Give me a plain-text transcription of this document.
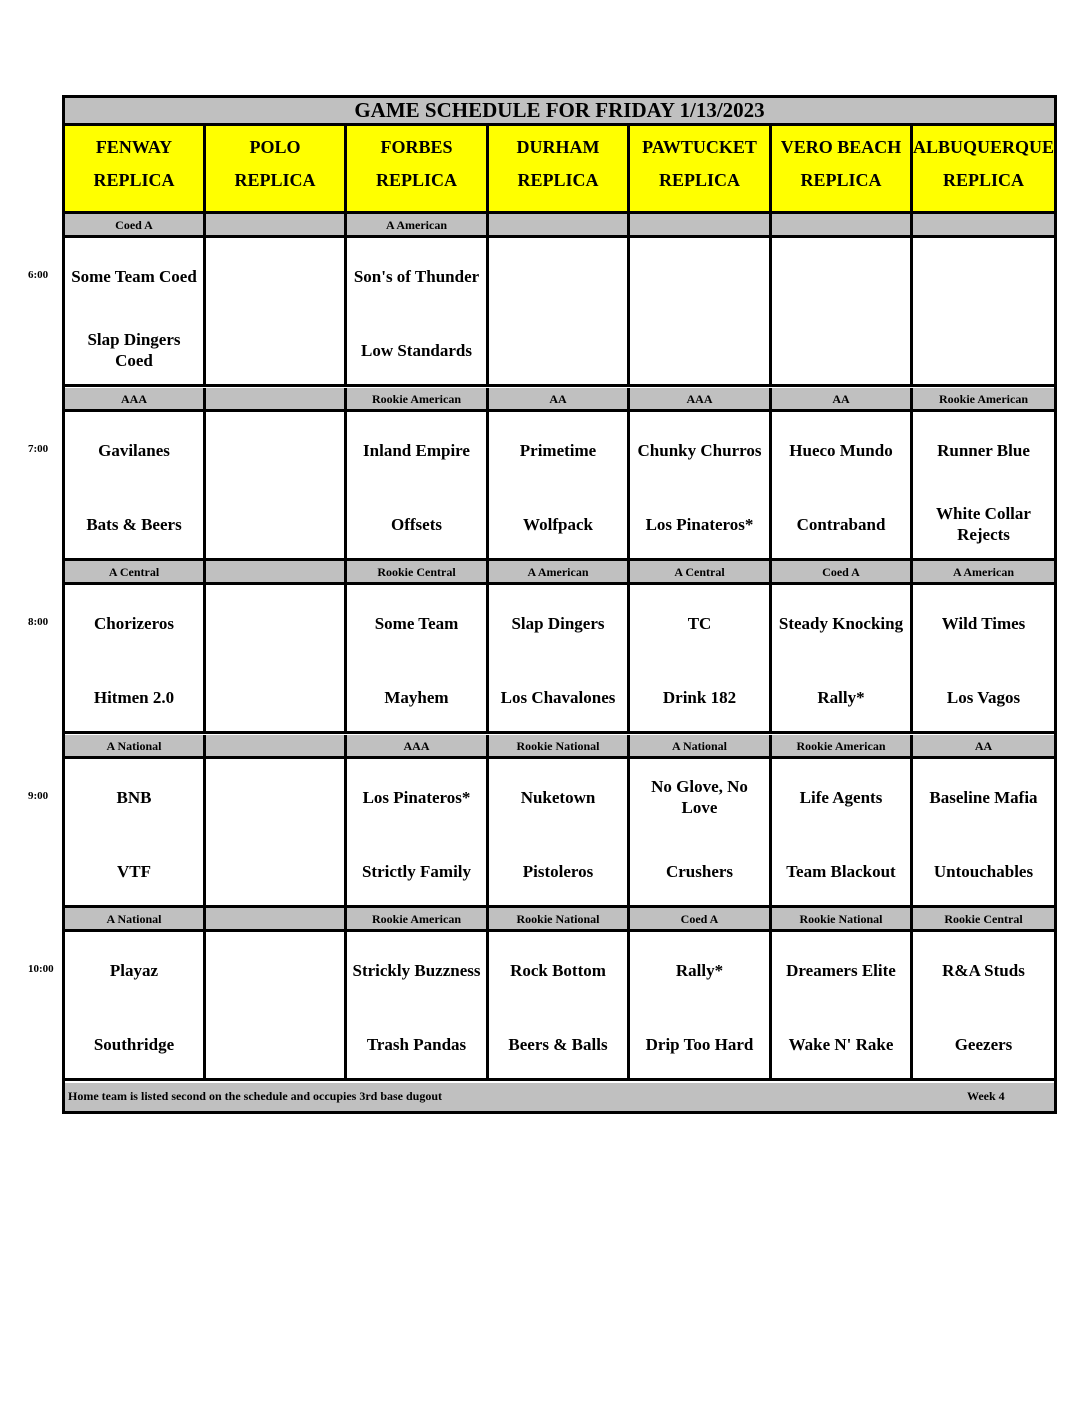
GAME SCHEDULE FOR FRIDAY 1/13/2023
FENWAY
REPLICA
POLO
REPLICA
FORBES
REPLICA
DURHAM
REPLICA
PAWTUCKET
REPLICA
VERO BEACH
REPLICA
ALBUQUERQUE
REPLICA
Coed A
Some Team Coed
Slap Dingers Coed
A American
Son's of Thunder
Low Standards
AAA
Gavilanes
Bats & Beers
Rookie American
Inland Empire
Offsets
AA
Primetime
Wolfpack
AAA
Chunky Churros
Los Pinateros*
AA
Hueco Mundo
Contraband
Rookie American
Runner Blue
White Collar Rejects
A Central
Chorizeros
Hitmen 2.0
Rookie Central
Some Team
Mayhem
A American
Slap Dingers
Los Chavalones
A Central
TC
Drink 182
Coed A
Steady Knocking
Rally*
A American
Wild Times
Los Vagos
A National
BNB
VTF
AAA
Los Pinateros*
Strictly Family
Rookie National
Nuketown
Pistoleros
A National
No Glove, No Love
Crushers
Rookie American
Life Agents
Team Blackout
AA
Baseline Mafia
Untouchables
A National
Playaz
Southridge
Rookie American
Strickly Buzzness
Trash Pandas
Rookie National
Rock Bottom
Beers & Balls
Coed A
Rally*
Drip Too Hard
Rookie National
Dreamers Elite
Wake N' Rake
Rookie Central
R&A Studs
Geezers
Home team is listed second on the schedule and occupies 3rd base dugout	Week 4
6:00
7:00
8:00
9:00
10:00
